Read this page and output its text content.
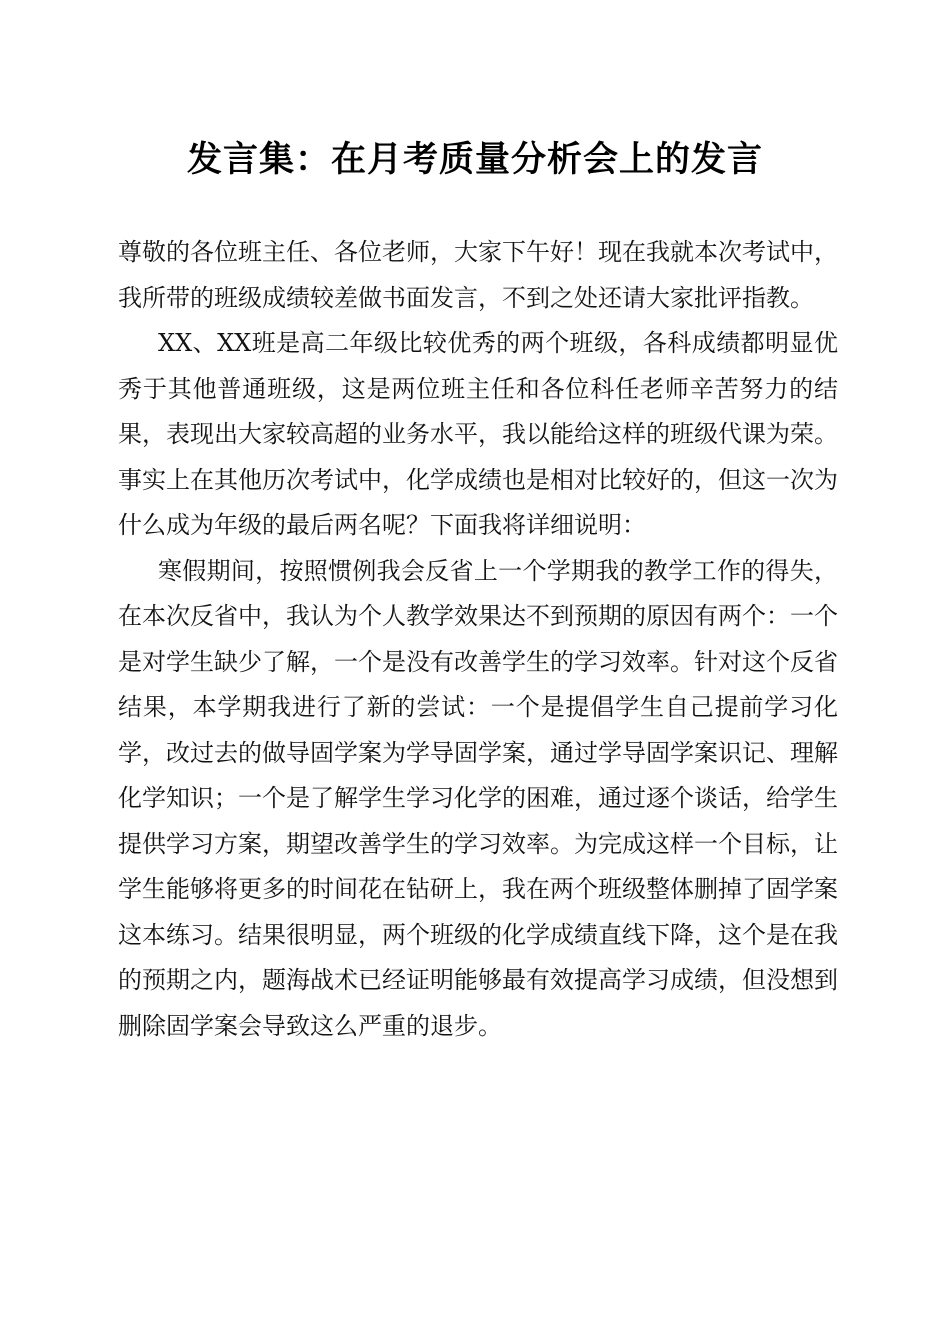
发言集：在月考质量分析会上的发言

尊敬的各位班主任、各位老师，大家下午好！现在我就本次考试中，我所带的班级成绩较差做书面发言，不到之处还请大家批评指教。

XX、XX班是高二年级比较优秀的两个班级，各科成绩都明显优秀于其他普通班级，这是两位班主任和各位科任老师辛苦努力的结果，表现出大家较高超的业务水平，我以能给这样的班级代课为荣。事实上在其他历次考试中，化学成绩也是相对比较好的，但这一次为什么成为年级的最后两名呢？下面我将详细说明：

寒假期间，按照惯例我会反省上一个学期我的教学工作的得失，在本次反省中，我认为个人教学效果达不到预期的原因有两个：一个是对学生缺少了解，一个是没有改善学生的学习效率。针对这个反省结果，本学期我进行了新的尝试：一个是提倡学生自己提前学习化学，改过去的做导固学案为学导固学案，通过学导固学案识记、理解化学知识；一个是了解学生学习化学的困难，通过逐个谈话，给学生提供学习方案，期望改善学生的学习效率。为完成这样一个目标，让学生能够将更多的时间花在钻研上，我在两个班级整体删掉了固学案这本练习。结果很明显，两个班级的化学成绩直线下降，这个是在我的预期之内，题海战术已经证明能够最有效提高学习成绩，但没想到删除固学案会导致这么严重的退步。
